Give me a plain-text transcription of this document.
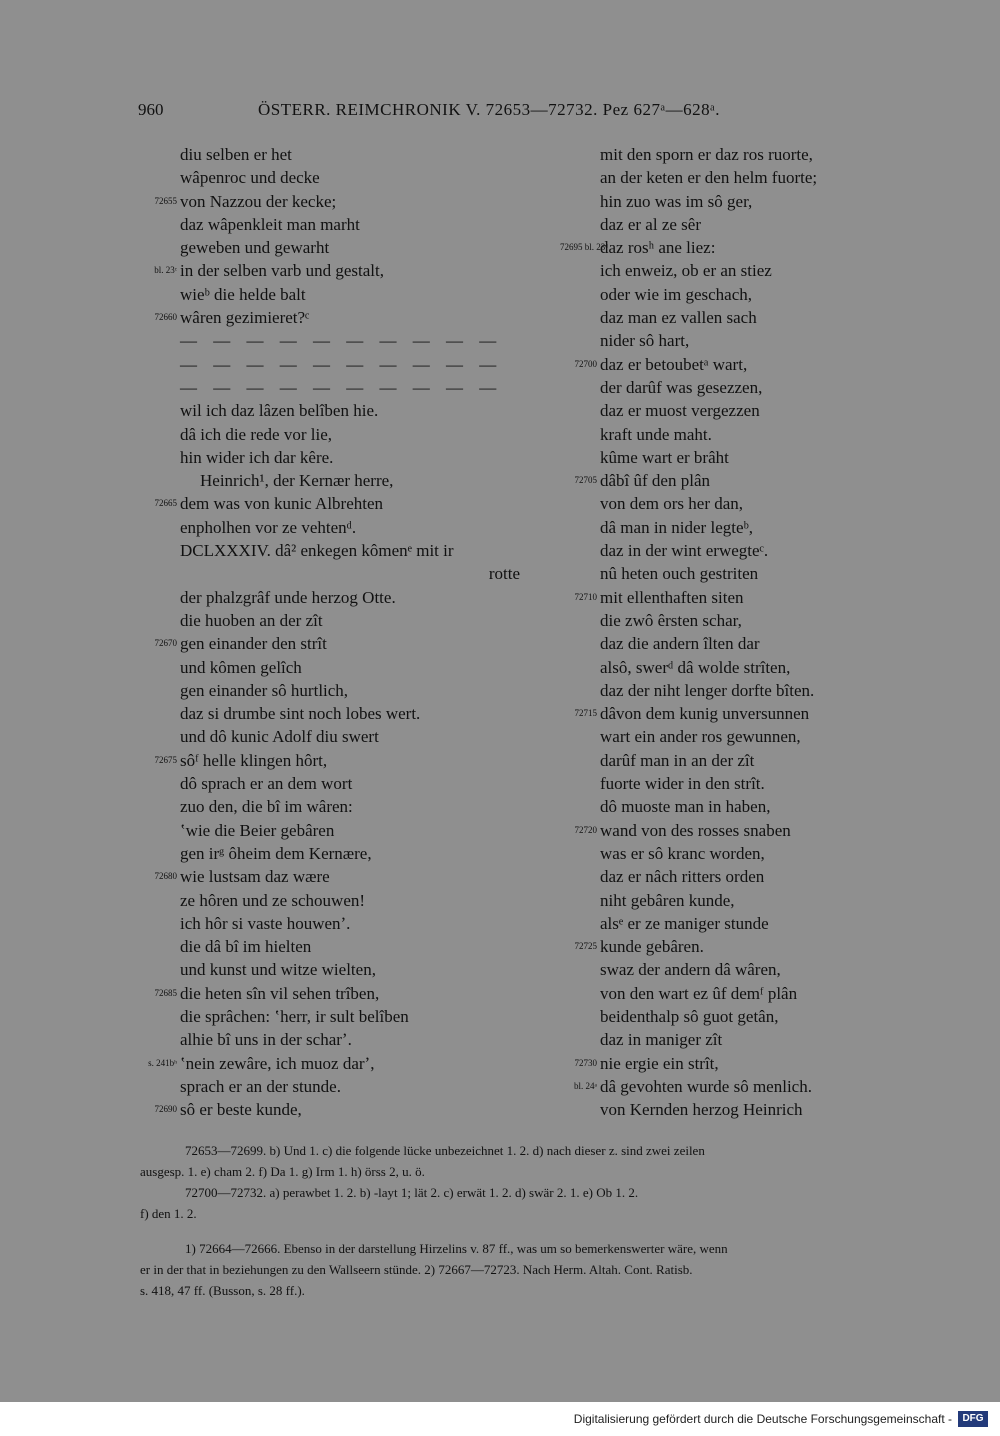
960	ÖSTERR. REIMCHRONIK V. 72653—72732. Pez 627ᵃ—628ᵃ.
diu selben er het
wâpenroc und decke
72655 von Nazzou der kecke;
daz wâpenkleit man marht
geweben und gewarht
bl. 23ᶜ in der selben varb und gestalt,
wieᵇ die helde balt
72660 wâren gezimieret?ᶜ
— — — — — — — — — —
— — — — — — — — — —
— — — — — — — — — —
wil ich daz lâzen belîben hie.
dâ ich die rede vor lie,
hin wider ich dar kêre.
Heinrich¹, der Kernær herre,
72665 dem was von kunic Albrehten
enpholhen vor ze vehtenᵈ.
DCLXXXIV. dâ² enkegen kômenᵉ mit ir
rotte
der phalzgrâf unde herzog Otte.
die huoben an der zît
72670 gen einander den strît
und kômen gelîch
gen einander sô hurtlich,
daz si drumbe sint noch lobes wert.
und dô kunic Adolf diu swert
72675 sôᶠ helle klingen hôrt,
dô sprach er an dem wort
zuo den, die bî im wâren:
ʽwie die Beier gebâren
gen irᵍ ôheim dem Kernære,
72680 wie lustsam daz wære
ze hôren und ze schouwen!
ich hôr si vaste houwenʼ.
die dâ bî im hielten
und kunst und witze wielten,
72685 die heten sîn vil sehen trîben,
die sprâchen: ʽherr, ir sult belîben
alhie bî uns in der scharʼ.
s. 241bʰ ʽnein zewâre, ich muoz darʼ,
sprach er an der stunde.
72690 sô er beste kunde,
mit den sporn er daz ros ruorte,
an der keten er den helm fuorte;
hin zuo was im sô ger,
daz er al ze sêr
72695 bl. 23ᵈ
daz rosʰ ane liez:
ich enweiz, ob er an stiez
oder wie im geschach,
daz man ez vallen sach
nider sô hart,
72700 daz er betoubetᵃ wart,
der darûf was gesezzen,
daz er muost vergezzen
kraft unde maht.
kûme wart er brâht
72705 dâbî ûf den plân
von dem ors her dan,
dâ man in nider legteᵇ,
daz in der wint erwegteᶜ.
nû heten ouch gestriten
72710 mit ellenthaften siten
die zwô êrsten schar,
daz die andern îlten dar
alsô, swerᵈ dâ wolde strîten,
daz der niht lenger dorfte bîten.
72715 dâvon dem kunig unversunnen
wart ein ander ros gewunnen,
darûf man in an der zît
fuorte wider in den strît.
dô muoste man in haben,
72720 wand von des rosses snaben
was er sô kranc worden,
daz er nâch ritters orden
niht gebâren kunde,
alsᵉ er ze maniger stunde
72725 kunde gebâren.
swaz der andern dâ wâren,
von den wart ez ûf demᶠ plân
beidenthalp sô guot getân,
daz in maniger zît
72730 nie ergie ein strît,
bl. 24ᵃ dâ gevohten wurde sô menlich.
von Kernden herzog Heinrich

72653—72699. b) Und 1. c) die folgende lücke unbezeichnet 1. 2. d) nach dieser z. sind zwei zeilen

ausgesp. 1. e) cham 2. f) Da 1. g) Irm 1. h) örss 2, u. ö.

72700—72732. a) perawbet 1. 2. b) -layt 1; lät 2. c) erwät 1. 2. d) swär 2. 1. e) Ob 1. 2.

f) den 1. 2.

1) 72664—72666. Ebenso in der darstellung Hirzelins v. 87 ff., was um so bemerkenswerter wäre, wenn

er in der that in beziehungen zu den Wallseern stünde. 2) 72667—72723. Nach Herm. Altah. Cont. Ratisb.

s. 418, 47 ff. (Busson, s. 28 ff.).

Digitalisierung gefördert durch die Deutsche Forschungsgemeinschaft -	DFG
